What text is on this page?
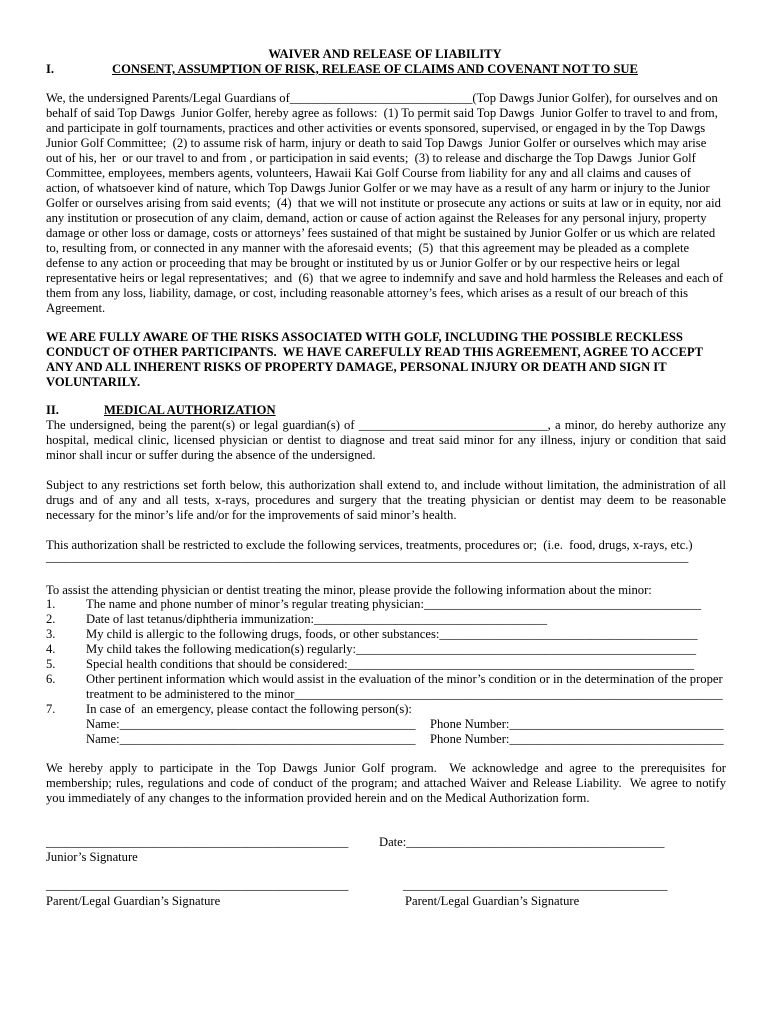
WAIVER AND RELEASE OF LIABILITY
I.	CONSENT, ASSUMPTION OF RISK, RELEASE OF CLAIMS AND COVENANT NOT TO SUE
We, the undersigned Parents/Legal Guardians of_____________________________(Top Dawgs Junior Golfer), for ourselves and on
behalf of said Top Dawgs  Junior Golfer, hereby agree as follows:  (1) To permit said Top Dawgs  Junior Golfer to travel to and from,
and participate in golf tournaments, practices and other activities or events sponsored, supervised, or engaged in by the Top Dawgs
Junior Golf Committee;  (2) to assume risk of harm, injury or death to said Top Dawgs  Junior Golfer or ourselves which may arise
out of his, her  or our travel to and from , or participation in said events;  (3) to release and discharge the Top Dawgs  Junior Golf
Committee, employees, members agents, volunteers, Hawaii Kai Golf Course from liability for any and all claims and causes of
action, of whatsoever kind of nature, which Top Dawgs Junior Golfer or we may have as a result of any harm or injury to the Junior
Golfer or ourselves arising from said events;  (4)  that we will not institute or prosecute any actions or suits at law or in equity, nor aid
any institution or prosecution of any claim, demand, action or cause of action against the Releases for any personal injury, property
damage or other loss or damage, costs or attorneys’ fees sustained of that might be sustained by Junior Golfer or us which are related
to, resulting from, or connected in any manner with the aforesaid events;  (5)  that this agreement may be pleaded as a complete
defense to any action or proceeding that may be brought or instituted by us or Junior Golfer or by our respective heirs or legal
representative heirs or legal representatives;  and  (6)  that we agree to indemnify and save and hold harmless the Releases and each of
them from any loss, liability, damage, or cost, including reasonable attorney’s fees, which arises as a result of our breach of this
Agreement.
WE ARE FULLY AWARE OF THE RISKS ASSOCIATED WITH GOLF, INCLUDING THE POSSIBLE RECKLESS
CONDUCT OF OTHER PARTICIPANTS.  WE HAVE CAREFULLY READ THIS AGREEMENT, AGREE TO ACCEPT
ANY AND ALL INHERENT RISKS OF PROPERTY DAMAGE, PERSONAL INJURY OR DEATH AND SIGN IT
VOLUNTARILY.
II.	MEDICAL AUTHORIZATION
The undersigned, being the parent(s) or legal guardian(s) of ______________________________, a minor, do hereby authorize any
hospital, medical clinic, licensed physician or dentist to diagnose and treat said minor for any illness, injury or condition that said
minor shall incur or suffer during the absence of the undersigned.
Subject to any restrictions set forth below, this authorization shall extend to, and include without limitation, the administration of all
drugs and of any and all tests, x-rays, procedures and surgery that the treating physician or dentist may deem to be reasonable
necessary for the minor’s life and/or for the improvements of said minor’s health.
This authorization shall be restricted to exclude the following services, treatments, procedures or;  (i.e.  food, drugs, x-rays, etc.)
______________________________________________________________________________________________________
To assist the attending physician or dentist treating the minor, please provide the following information about the minor:
1. The name and phone number of minor’s regular treating physician:____________________________________________
2. Date of last tetanus/diphtheria immunization:_____________________________________
3. My child is allergic to the following drugs, foods, or other substances:_________________________________________
4. My child takes the following medication(s) regularly:______________________________________________________
5. Special health conditions that should be considered:_______________________________________________________
6. Other pertinent information which would assist in the evaluation of the minor’s condition or in the determination of the proper
treatment to be administered to the minor____________________________________________________________________
7. In case of  an emergency, please contact the following person(s):
Name:_______________________________________________ Phone Number:__________________________________
Name:_______________________________________________ Phone Number:__________________________________
We hereby apply to participate in the Top Dawgs Junior Golf program.  We acknowledge and agree to the prerequisites for
membership; rules, regulations and code of conduct of the program; and attached Waiver and Release Liability.  We agree to notify
you immediately of any changes to the information provided herein and on the Medical Authorization form.
________________________________________________ Date:_________________________________________
Junior’s Signature
________________________________________________	__________________________________________
Parent/Legal Guardian’s Signature	Parent/Legal Guardian’s Signature
